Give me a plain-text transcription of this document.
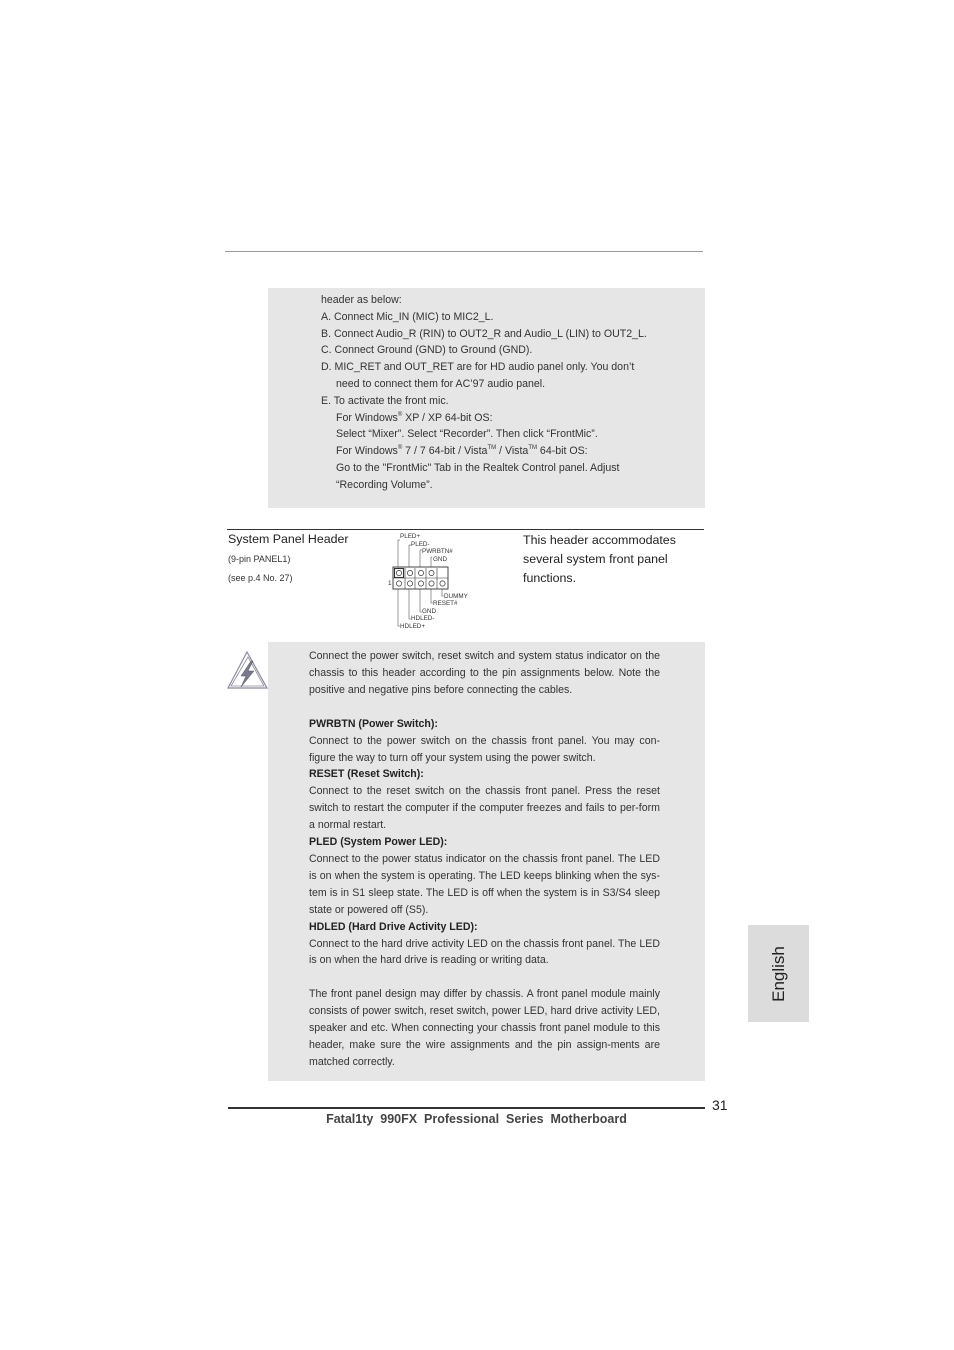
header as below:
A. Connect Mic_IN (MIC) to MIC2_L.
B. Connect Audio_R (RIN) to OUT2_R and Audio_L (LIN) to OUT2_L.
C. Connect Ground (GND) to Ground (GND).
D. MIC_RET and OUT_RET are for HD audio panel only. You don’t
need to connect them for AC’97 audio panel.
E. To activate the front mic.
For Windows® XP / XP 64-bit OS:
Select “Mixer”. Select “Recorder”. Then click “FrontMic”.
For Windows® 7 / 7 64-bit / Vista™ / Vista™ 64-bit OS:
Go to the "FrontMic" Tab in the Realtek Control panel. Adjust
“Recording Volume”.
System Panel Header
(9-pin PANEL1)
(see p.4 No. 27)
This header accommodates several system front panel functions.
PLED+
PLED-
PWRBTN#
GND
1
DUMMY
RESET#
GND
HDLED-
HDLED+

Connect the power switch, reset switch and system status indicator on the chassis to this header according to the pin assignments below. Note the positive and negative pins before connecting the cables.

PWRBTN (Power Switch):

Connect to the power switch on the chassis front panel. You may con-figure the way to turn off your system using the power switch.

RESET (Reset Switch):

Connect to the reset switch on the chassis front panel. Press the reset switch to restart the computer if the computer freezes and fails to per-form a normal restart.

PLED (System Power LED):

Connect to the power status indicator on the chassis front panel. The LED is on when the system is operating. The LED keeps blinking when the sys-tem is in S1 sleep state. The LED is off when the system is in S3/S4 sleep state or powered off (S5).

HDLED (Hard Drive Activity LED):

Connect to the hard drive activity LED on the chassis front panel. The LED is on when the hard drive is reading or writing data.

The front panel design may differ by chassis. A front panel module mainly consists of power switch, reset switch, power LED, hard drive activity LED, speaker and etc. When connecting your chassis front panel module to this header, make sure the wire assignments and the pin assign-ments are matched correctly.

English
31
Fatal1ty  990FX  Professional  Series  Motherboard
